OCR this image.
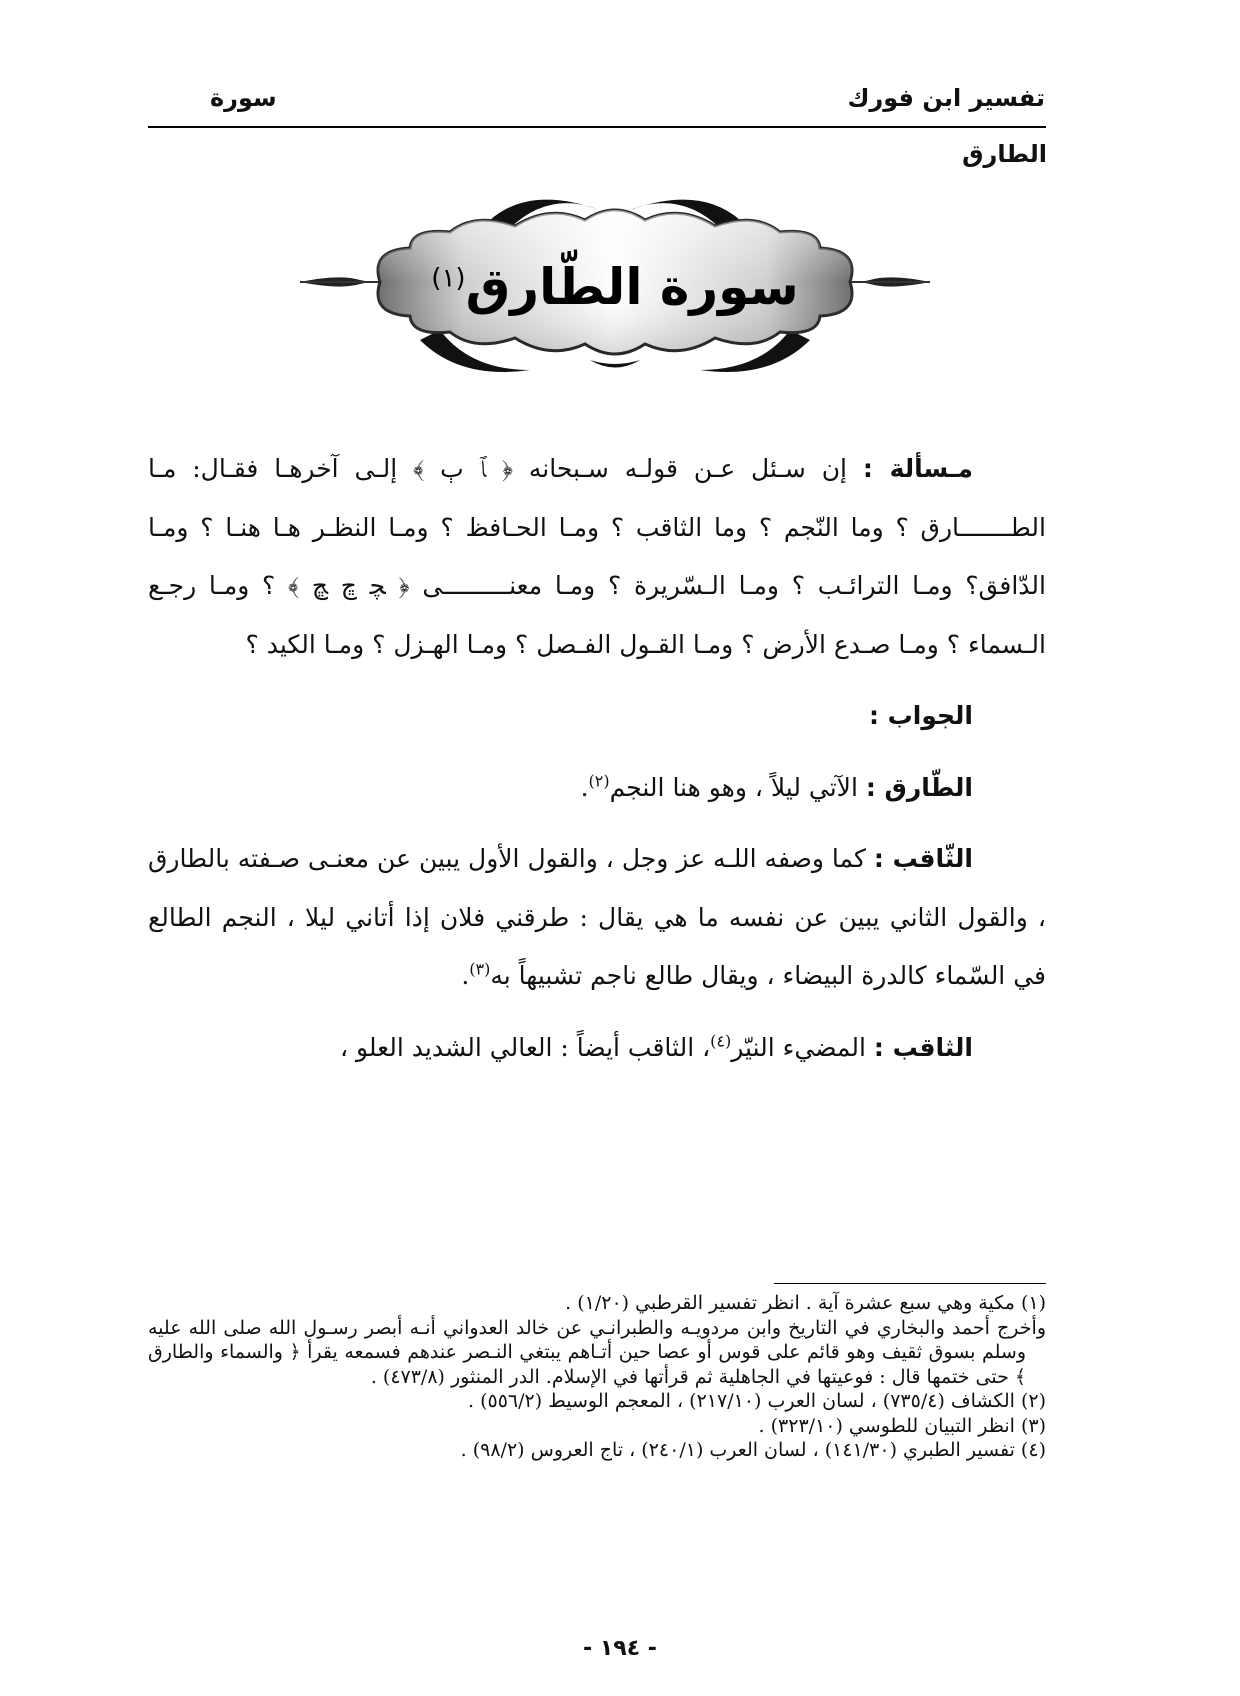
تفسير ابن فورك
سورة
الطارق
سورة الطّارق$^{(١)}$

مـسألة : إن سـئل عـن قولـه سـبحانه ﴿ ﭑ ﭒ ﴾ إلـى آخرهـا فقـال: مـا الطـــــــارق ؟ وما النّجم ؟ وما الثاقب ؟ ومـا الحـافظ ؟ ومـا النظـر هـا هنـا ؟ ومـا الدّافق؟ ومـا الترائـب ؟ ومـا الـسّريرة ؟ ومـا معنـــــــــى ﴿ ﭽ ﭾ ﭿ ﴾ ؟ ومـا رجـع الـسماء ؟ ومـا صـدع الأرض ؟ ومـا القـول الفـصل ؟ ومـا الهـزل ؟ ومـا الكيد ؟

الجواب :

الطّارق : الآتي ليلاً ، وهو هنا النجم$^{(٢)}$.

الثّاقب : كما وصفه اللـه عز وجل ، والقول الأول يبين عن معنـى صـفته بالطارق ، والقول الثاني يبين عن نفسه ما هي يقال : طرقني فلان إذا أتاني ليلا ، النجم الطالع في السّماء كالدرة البيضاء ، ويقال طالع ناجم تشبيهاً به$^{(٣)}$.

الثاقب : المضيء النيّر$^{(٤)}$، الثاقب أيضاً : العالي الشديد العلو ،

(١) مكية وهي سبع عشرة آية . انظر تفسير القرطبي (١/٢٠) .

وأخرج أحمد والبخاري في التاريخ وابن مردويـه والطبرانـي عن خالد العدواني أنـه أبصر رسـول الله صلى الله عليه وسلم بسوق ثقيف وهو قائم على قوس أو عصا حين أتـاهم يبتغي النـصر عندهم فسمعه يقرأ ﴿ والسماء والطارق ﴾ حتى ختمها قال : فوعيتها في الجاهلية ثم قرأتها في الإسلام. الدر المنثور (٤٧٣/٨) .

(٢) الكشاف (٧٣٥/٤) ، لسان العرب (٢١٧/١٠) ، المعجم الوسيط (٥٥٦/٢) .

(٣) انظر التبيان للطوسي (٣٢٣/١٠) .

(٤) تفسير الطبري (١٤١/٣٠) ، لسان العرب (٢٤٠/١) ، تاج العروس (٩٨/٢) .

- ١٩٤ -
